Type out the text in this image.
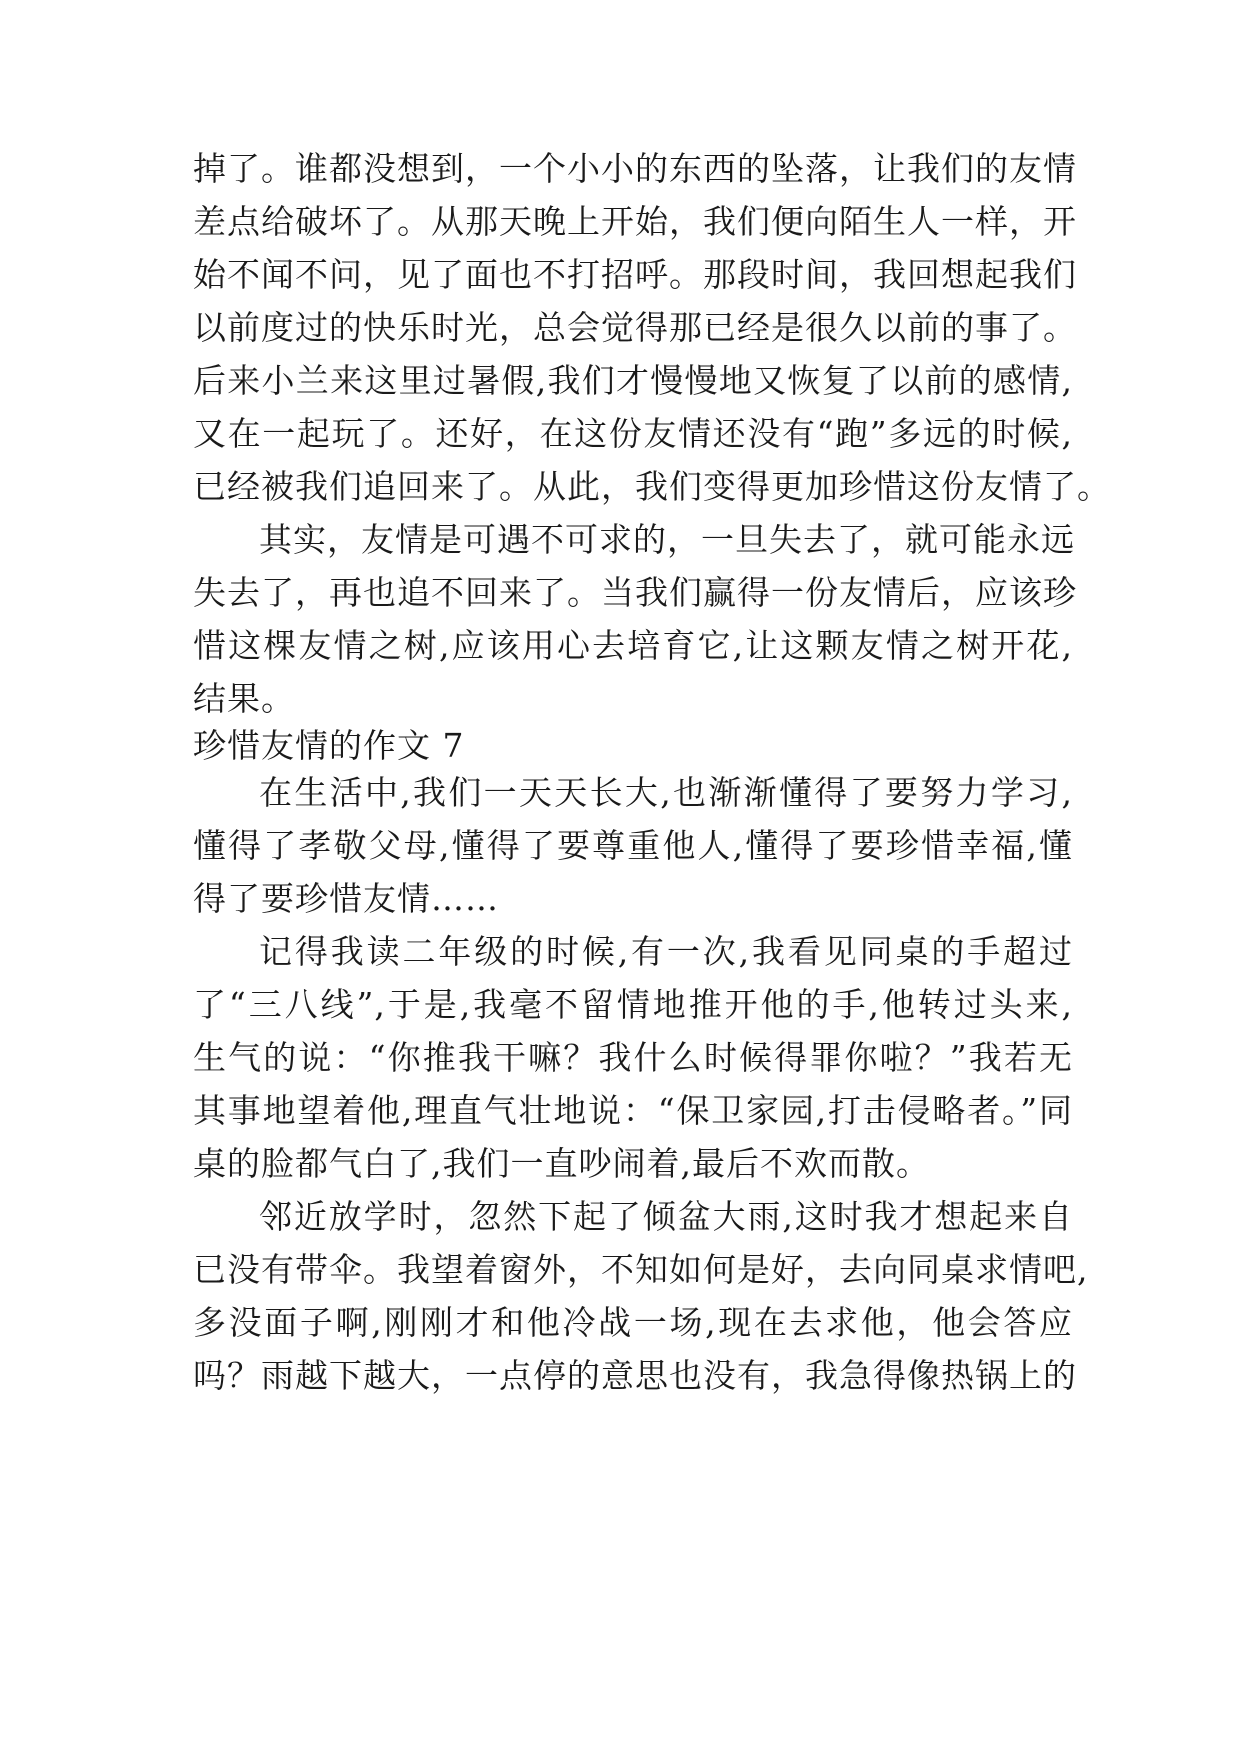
掉了。谁都没想到，一个小小的东西的坠落，让我们的友情
差点给破坏了。从那天晚上开始，我们便向陌生人一样，开
始不闻不问，见了面也不打招呼。那段时间，我回想起我们
以前度过的快乐时光，总会觉得那已经是很久以前的事了。
后来小兰来这里过暑假,我们才慢慢地又恢复了以前的感情,
又在一起玩了。还好，在这份友情还没有“跑”多远的时候,
已经被我们追回来了。从此，我们变得更加珍惜这份友情了。
其实，友情是可遇不可求的，一旦失去了，就可能永远
失去了，再也追不回来了。当我们赢得一份友情后，应该珍
惜这棵友情之树,应该用心去培育它,让这颗友情之树开花,
结果。
珍惜友情的作文 7
在生活中,我们一天天长大,也渐渐懂得了要努力学习,
懂得了孝敬父母,懂得了要尊重他人,懂得了要珍惜幸福,懂
得了要珍惜友情……
记得我读二年级的时候,有一次,我看见同桌的手超过
了“三八线”,于是,我毫不留情地推开他的手,他转过头来,
生气的说：“你推我干嘛？我什么时候得罪你啦？”我若无
其事地望着他,理直气壮地说：“保卫家园,打击侵略者。”同
桌的脸都气白了,我们一直吵闹着,最后不欢而散。
邻近放学时，忽然下起了倾盆大雨,这时我才想起来自
已没有带伞。我望着窗外，不知如何是好，去向同桌求情吧,
多没面子啊,刚刚才和他冷战一场,现在去求他，他会答应
吗？雨越下越大，一点停的意思也没有，我急得像热锅上的
